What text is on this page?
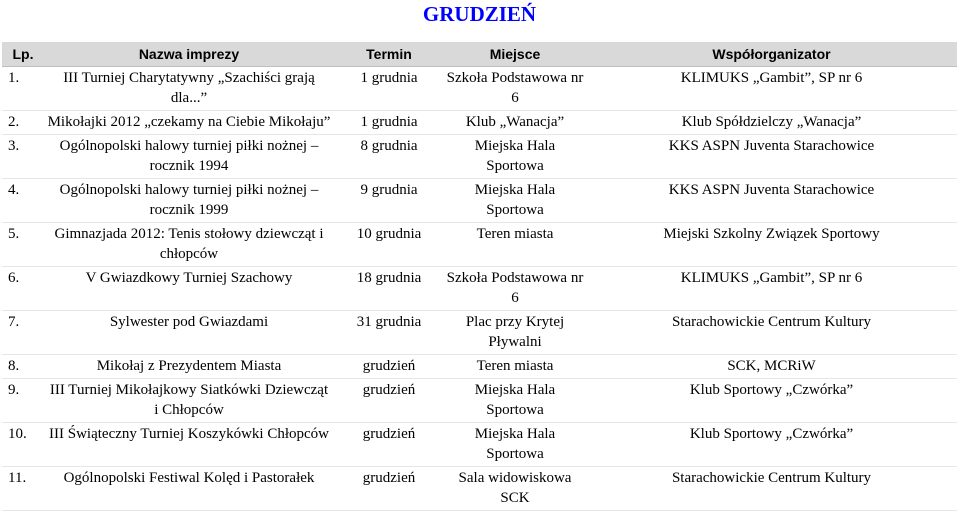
GRUDZIEŃ
Lp.	Nazwa imprezy	Termin	Miejsce	Współorganizator
1.	III Turniej Charytatywny „Szachiści grają dla...”	1 grudnia	Szkoła Podstawowa nr 6	KLIMUKS „Gambit”, SP nr 6
2.	Mikołajki 2012 „czekamy na Ciebie Mikołaju”	1 grudnia	Klub „Wanacja”	Klub Spółdzielczy „Wanacja”
3.	Ogólnopolski halowy turniej piłki nożnej – rocznik 1994	8 grudnia	Miejska Hala Sportowa	KKS ASPN Juventa Starachowice
4.	Ogólnopolski halowy turniej piłki nożnej – rocznik 1999	9 grudnia	Miejska Hala Sportowa	KKS ASPN Juventa Starachowice
5.	Gimnazjada 2012: Tenis stołowy dziewcząt i chłopców	10 grudnia	Teren miasta	Miejski Szkolny Związek Sportowy
6.	V Gwiazdkowy Turniej Szachowy	18 grudnia	Szkoła Podstawowa nr 6	KLIMUKS „Gambit”, SP nr 6
7.	Sylwester pod Gwiazdami	31 grudnia	Plac przy Krytej Pływalni	Starachowickie Centrum Kultury
8.	Mikołaj z Prezydentem Miasta	grudzień	Teren miasta	SCK, MCRiW
9.	III Turniej Mikołajkowy Siatkówki Dziewcząt i Chłopców	grudzień	Miejska Hala Sportowa	Klub Sportowy „Czwórka”
10.	III Świąteczny Turniej Koszykówki Chłopców	grudzień	Miejska Hala Sportowa	Klub Sportowy „Czwórka”
11.	Ogólnopolski Festiwal Kolęd i Pastorałek	grudzień	Sala widowiskowa SCK	Starachowickie Centrum Kultury
